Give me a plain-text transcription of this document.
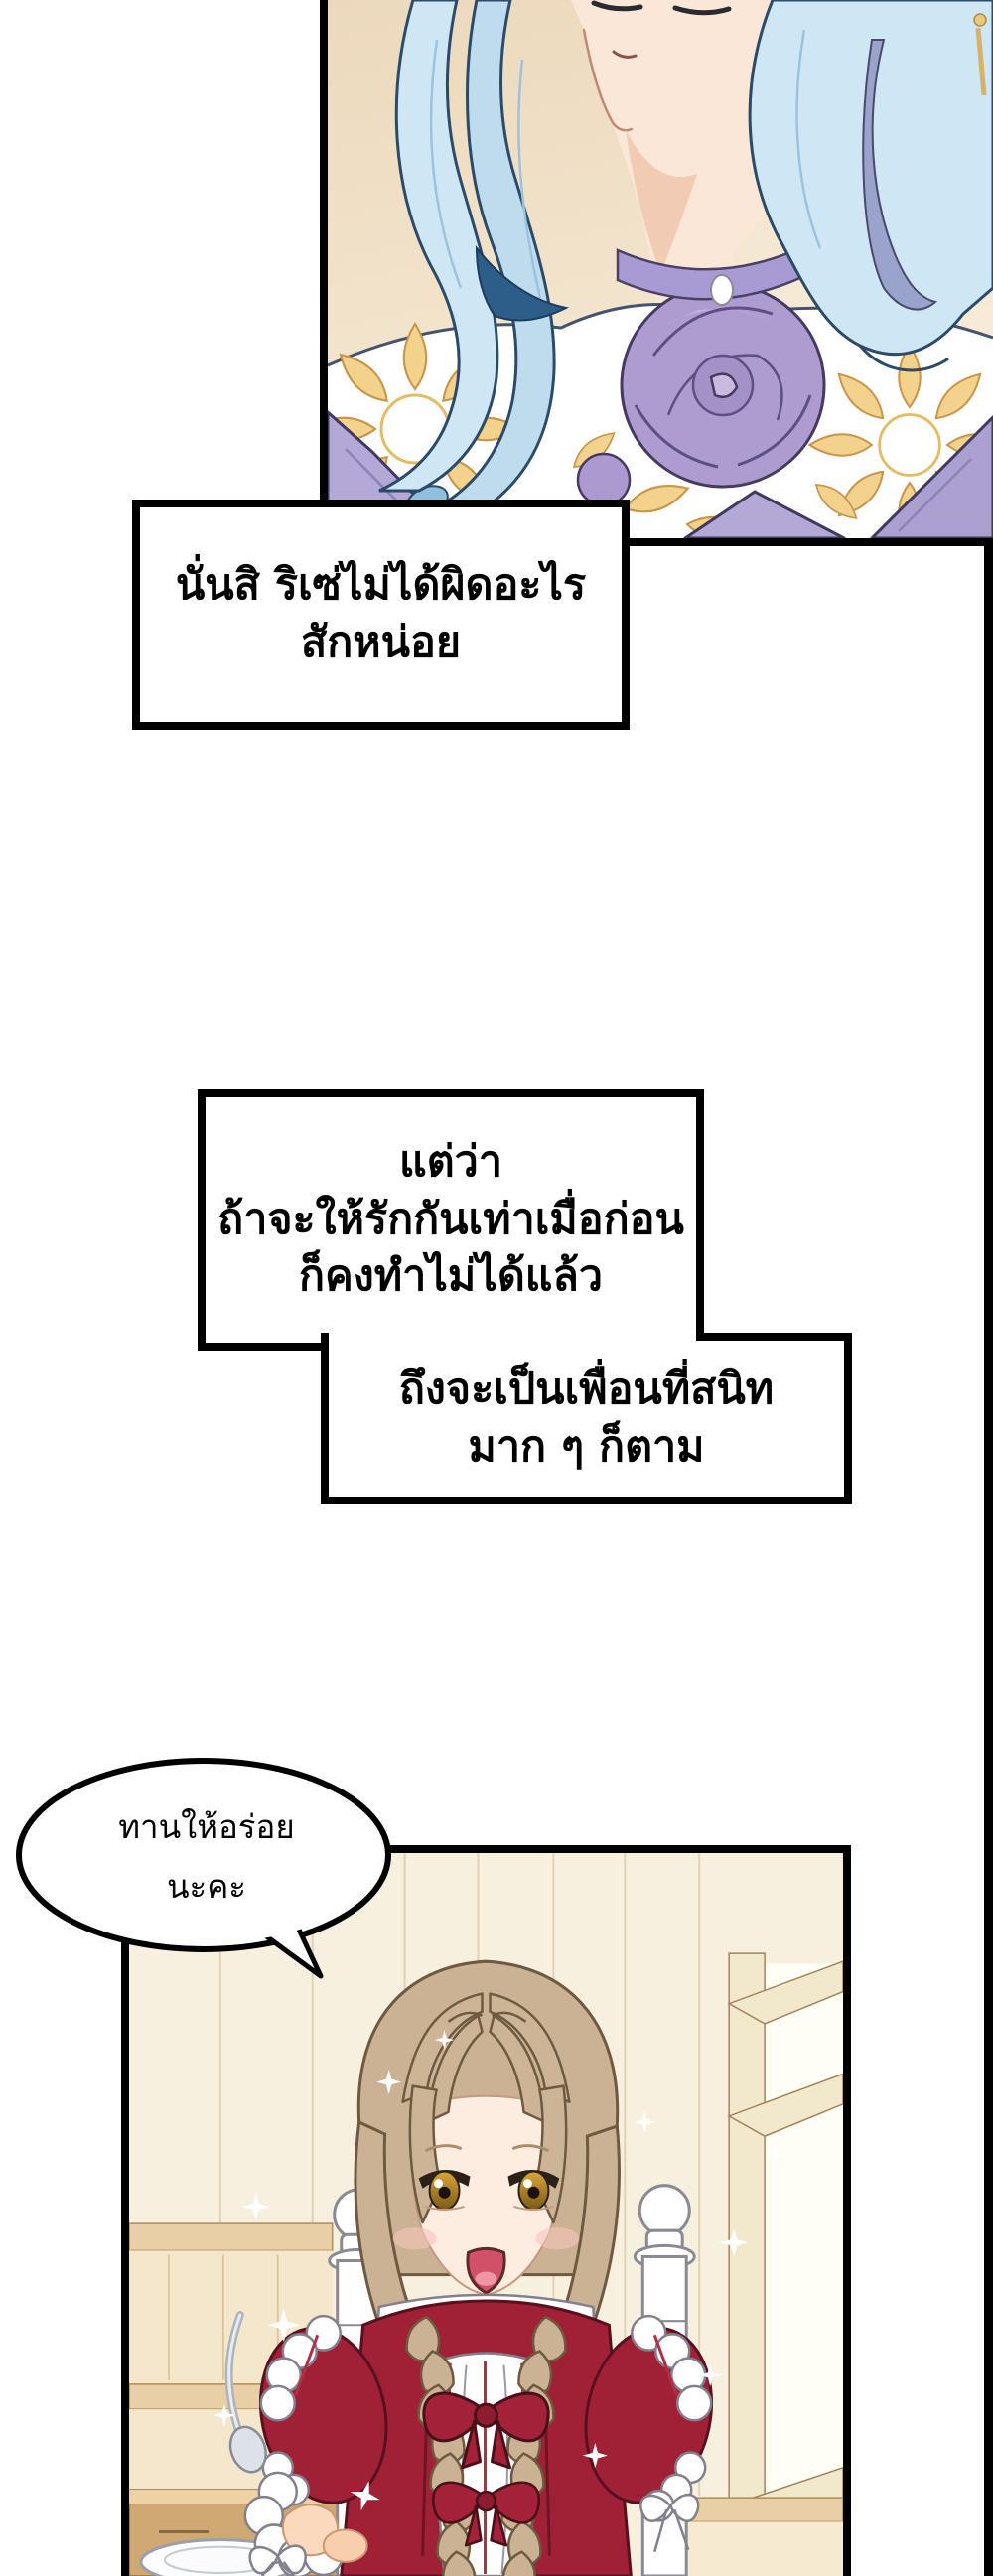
นั่นสิ ริเซ่ไม่ได้ผิดอะไร
สักหน่อย
แต่ว่า
ถ้าจะให้รักกันเท่าเมื่อก่อน
ก็คงทำไม่ได้แล้ว
ถึงจะเป็นเพื่อนที่สนิท
มาก ๆ ก็ตาม
ทานให้อร่อย
นะคะ
